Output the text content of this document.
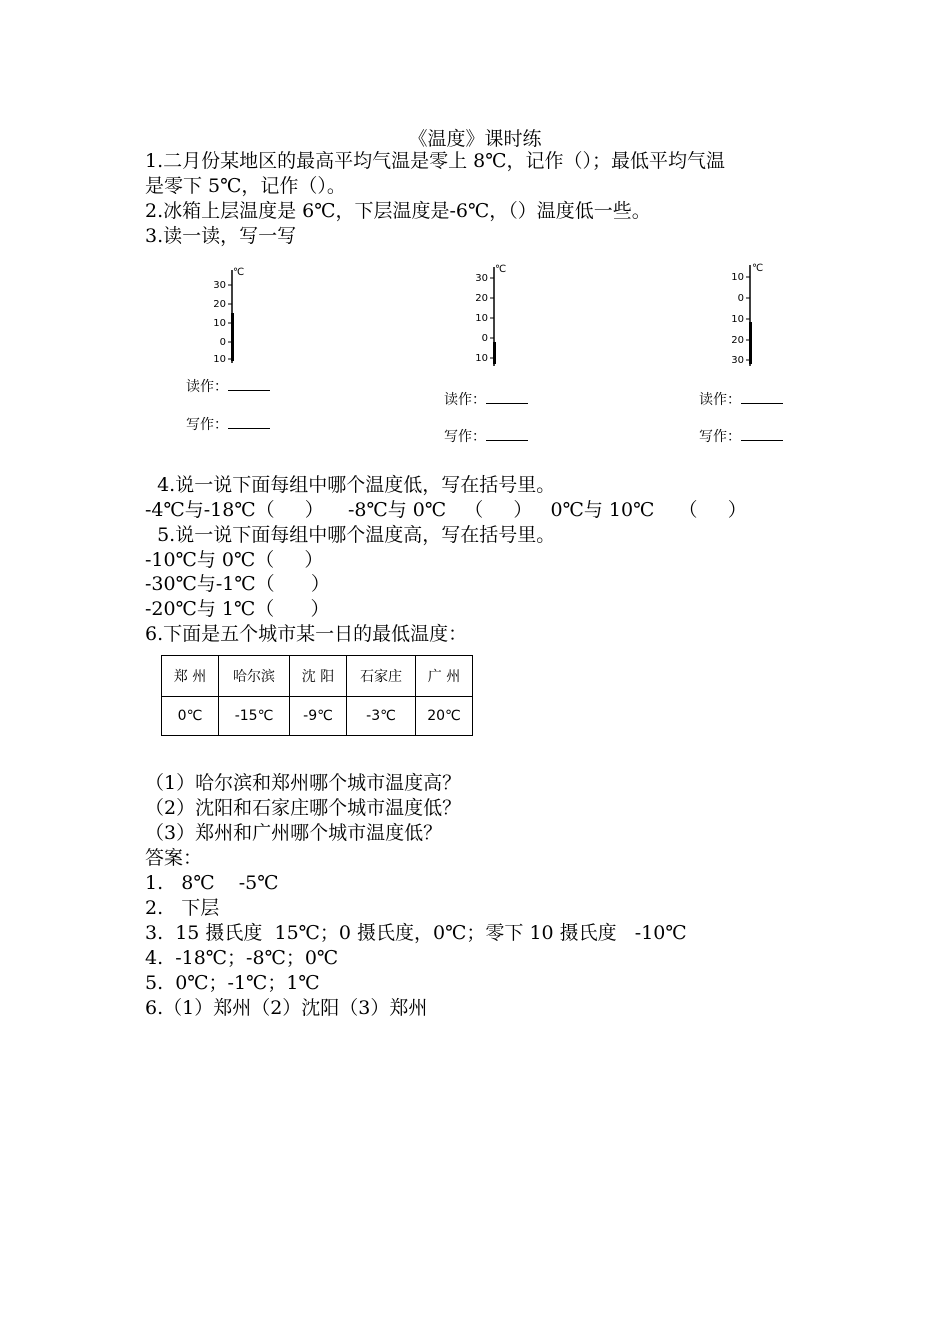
《温度》课时练
1.二月份某地区的最高平均气温是零上 8℃，记作（）；最低平均气温
是零下 5℃，记作（）。
2.冰箱上层温度是 6℃，下层温度是-6℃，（）温度低一些。
3.读一读，写一写
℃
30
20
10
0
10
读作：
写作：
℃
30
20
10
0
10
读作：
写作：
℃
10
0
10
20
30
读作：
写作：
4.说一说下面每组中哪个温度低，写在括号里。
-4℃与-18℃（     ）    -8℃与 0℃   （     ）   0℃与 10℃    （     ）
5.说一说下面每组中哪个温度高，写在括号里。
-10℃与 0℃（     ）
-30℃与-1℃（      ）
-20℃与 1℃（      ）
6.下面是五个城市某一日的最低温度：
郑 州	哈尔滨	沈 阳	石家庄	广 州
0℃	-15℃	-9℃	-3℃	20℃
（1）哈尔滨和郑州哪个城市温度高？
（2）沈阳和石家庄哪个城市温度低？
（3）郑州和广州哪个城市温度低？
答案：
1.   8℃    -5℃
2.   下层
3.  15 摄氏度  15℃；0 摄氏度，0℃；零下 10 摄氏度   -10℃
4.  -18℃；-8℃；0℃
5.  0℃；-1℃；1℃
6.（1）郑州（2）沈阳（3）郑州
